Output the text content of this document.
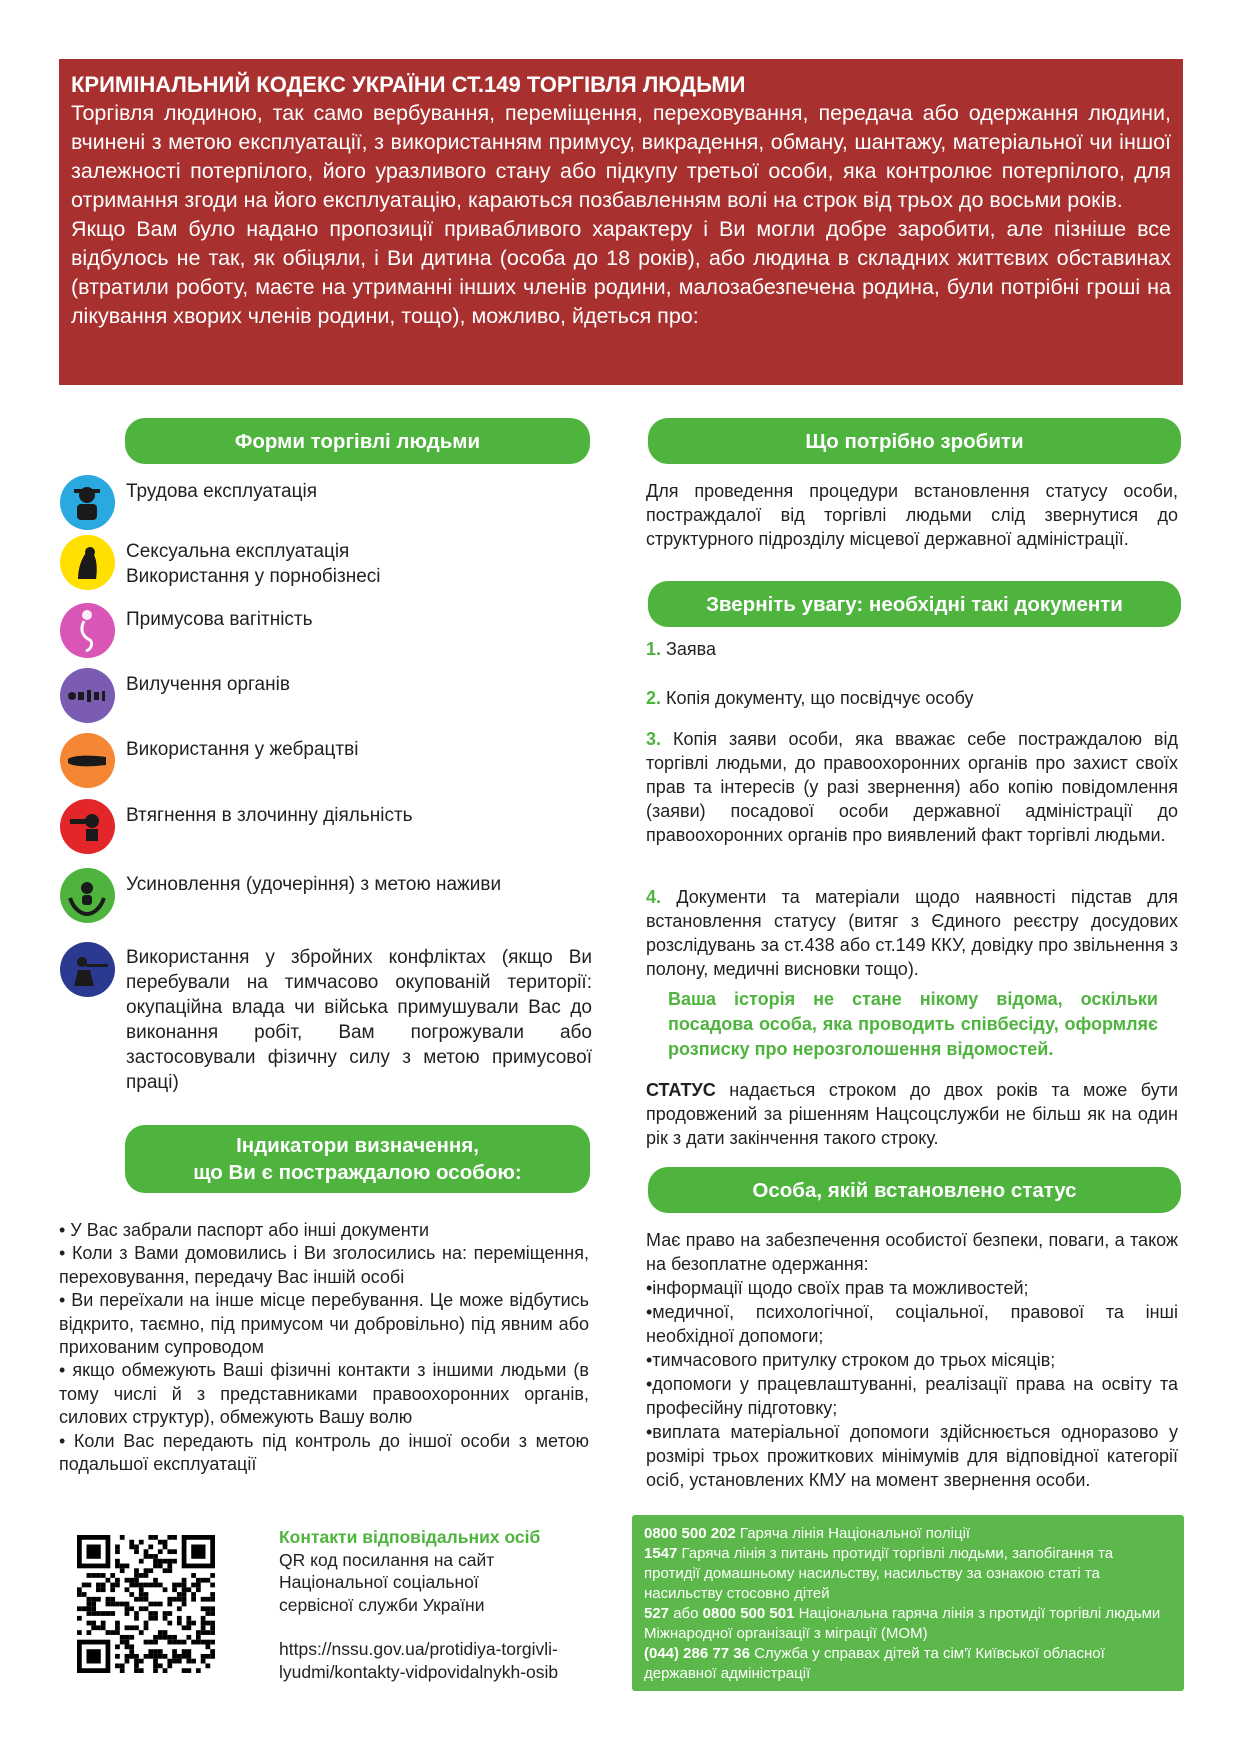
КРИМІНАЛЬНИЙ КОДЕКС УКРАЇНИ СТ.149 ТОРГІВЛЯ ЛЮДЬМИ

Торгівля людиною, так само вербування, переміщення, переховування, передача або одержання людини, вчинені з метою експлуатації, з використанням примусу, викрадення, обману, шантажу, матеріальної чи іншої залежності потерпілого, його уразливого стану або підкупу третьої особи, яка контролює потерпілого, для отримання згоди на його експлуатацію, караються позбавленням волі на строк від трьох до восьми років.

Якщо Вам було надано пропозиції привабливого характеру і Ви могли добре заробити, але пізніше все відбулось не так, як обіцяли, і Ви дитина (особа до 18 років), або людина в складних життєвих обставинах (втратили роботу, маєте на утриманні інших членів родини, малозабезпечена родина, були потрібні гроші на лікування хворих членів родини, тощо), можливо, йдеться про:

Форми торгівлі людьми
Трудова експлуатація
Сексуальна експлуатація
Використання у порнобізнесі
Примусова вагітність
Вилучення органів
Використання у жебрацтві
Втягнення в злочинну діяльність
Усиновлення (удочеріння) з метою наживи
Використання у збройних конфліктах (якщо Ви перебували на тимчасово окупованій території: окупаційна влада чи війська примушували Вас до виконання робіт, Вам погрожували або застосовували фізичну силу з метою примусової праці)
Індикатори визначення,
що Ви є постраждалою особою:
• У Вас забрали паспорт або інші документи
• Коли з Вами домовились і Ви зголосились на: переміщення, переховування, передачу Вас іншій особі
• Ви переїхали на інше місце перебування. Це може відбутись відкрито, таємно, під примусом чи добровільно) під явним або прихованим супроводом
• якщо обмежують Ваші фізичні контакти з іншими людьми (в тому числі й з представниками правоохоронних органів, силових структур), обмежують Вашу волю
• Коли Вас передають під контроль до іншої особи з метою подальшої експлуатації
Що потрібно зробити
Для проведення процедури встановлення статусу особи, постраждалої від торгівлі людьми слід звернутися до структурного підрозділу місцевої державної адміністрації.
Зверніть увагу: необхідні такі документи
1. Заява
2. Копія документу, що посвідчує особу
3. Копія заяви особи, яка вважає себе постраждалою від торгівлі людьми, до правоохоронних органів про захист своїх прав та інтересів (у разі звернення) або копію повідомлення (заяви) посадової особи державної адміністрації до правоохоронних органів про виявлений факт торгівлі людьми.
4. Документи та матеріали щодо наявності підстав для встановлення статусу (витяг з Єдиного реєстру досудових розслідувань за ст.438 або ст.149 ККУ, довідку про звільнення з полону, медичні висновки тощо).
Ваша історія не стане нікому відома, оскільки посадова особа, яка проводить співбесіду, оформляє розписку про нерозголошення відомостей.
СТАТУС надається строком до двох років та може бути продовжений за рішенням Нацсоцслужби не більш як на один рік з дати закінчення такого строку.
Особа, якій встановлено статус
Має право на забезпечення особистої безпеки, поваги, а також на безоплатне одержання:
•інформації щодо своїх прав та можливостей;
•медичної, психологічної, соціальної, правової та інші необхідної допомоги;
•тимчасового притулку строком до трьох місяців;
•допомоги у працевлаштуванні, реалізації права на освіту та професійну підготовку;
•виплата матеріальної допомоги здійснюється одноразово у розмірі трьох прожиткових мінімумів для відповідної категорії осіб, установлених КМУ на момент звернення особи.
Контакти відповідальних осіб
QR код посилання на сайт Національної соціальної сервісної служби України
https://nssu.gov.ua/protidiya-torgivli-
lyudmi/kontakty-vidpovidalnykh-osib
0800 500 202 Гаряча лінія Національної поліції
1547 Гаряча лінія з питань протидії торгівлі людьми, запобігання та протидії домашньому насильству, насильству за ознакою статі та насильству стосовно дітей
527 або 0800 500 501 Національна гаряча лінія з протидії торгівлі людьми Міжнародної організації з міграції (МОМ)
(044) 286 77 36 Служба у справах дітей та сім'ї Київської обласної державної адміністрації
